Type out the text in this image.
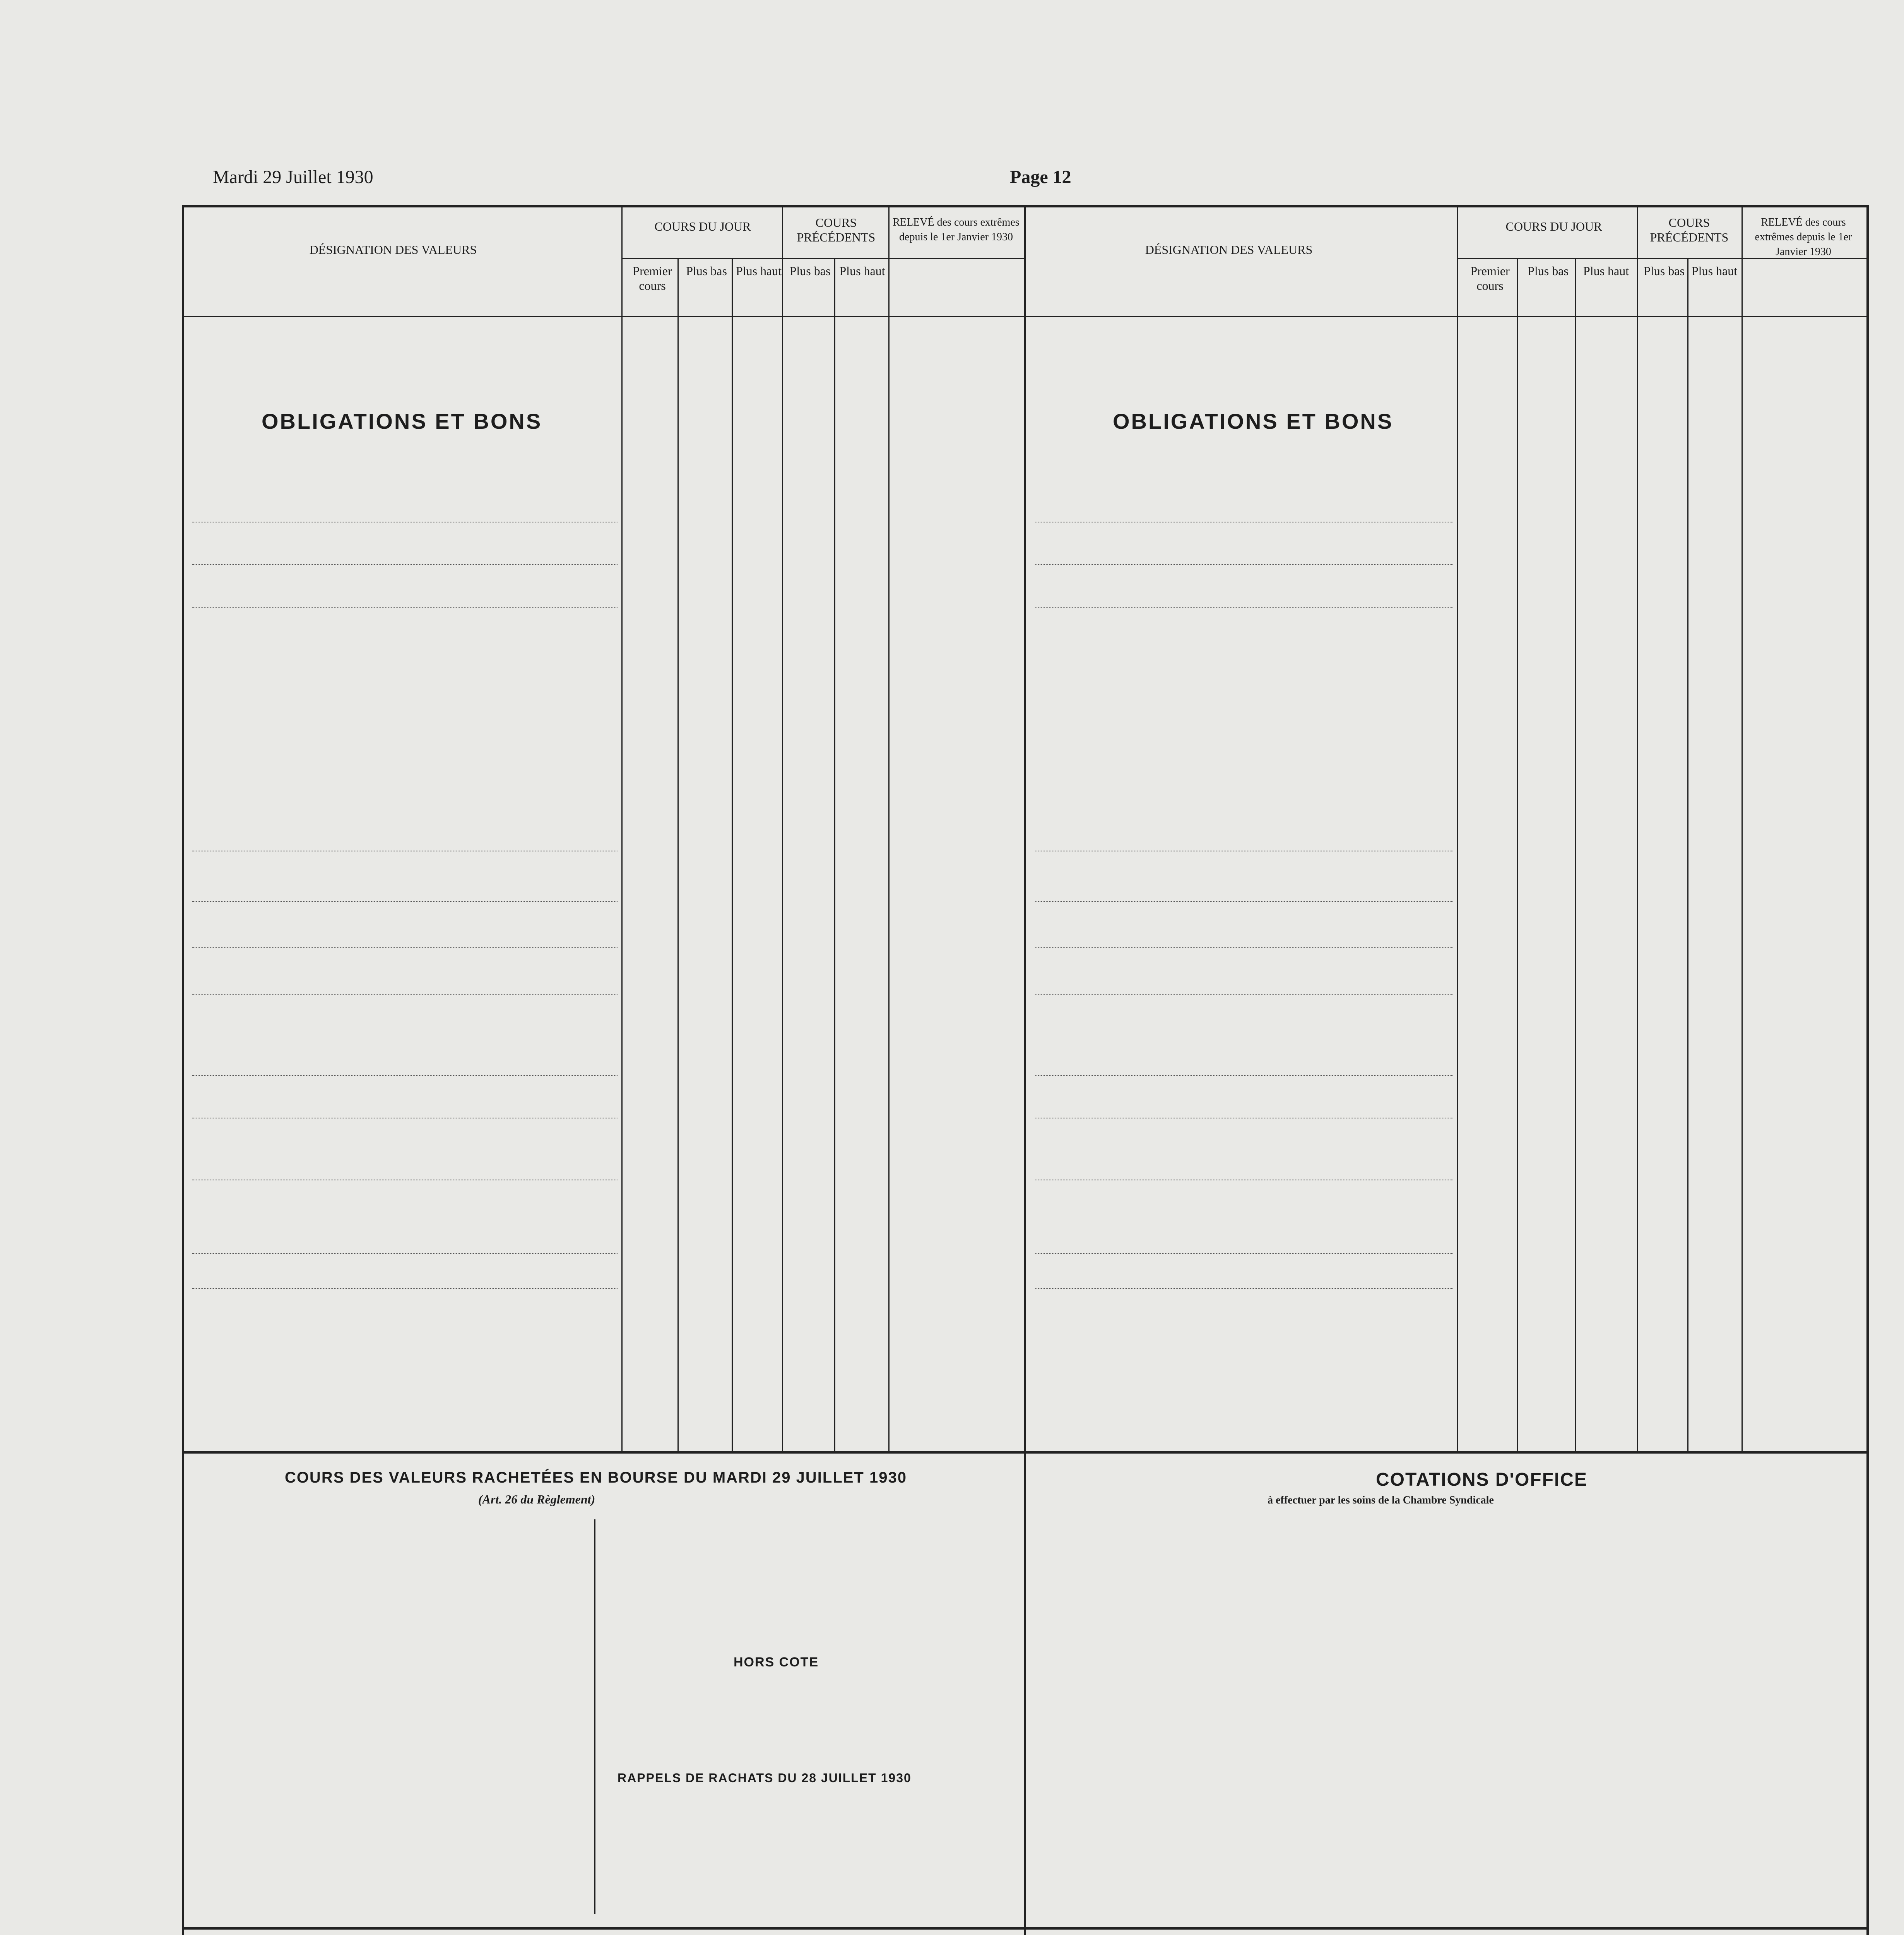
Mardi 29 Juillet 1930	Page 12
DÉSIGNATION DES VALEURS
COURS DU JOUR
Premier cours
Plus bas Plus haut
COURS PRÉCÉDENTS
Plus bas Plus haut
RELEVÉ des cours extrêmes depuis le 1er Janvier 1930
OBLIGATIONS ET BONS
DÉSIGNATION DES VALEURS
COURS DU JOUR
Premier cours
Plus bas	Plus haut
COURS PRÉCÉDENTS
Plus bas Plus haut
RELEVÉ des cours extrêmes depuis le 1er Janvier 1930
OBLIGATIONS ET BONS
COURS DES VALEURS RACHETÉES EN BOURSE DU MARDI 29 JUILLET 1930
(Art. 26 du Règlement)
HORS COTE
RAPPELS DE RACHATS DU 28 JUILLET 1930
COTATIONS D'OFFICE
à effectuer par les soins de la Chambre Syndicale
